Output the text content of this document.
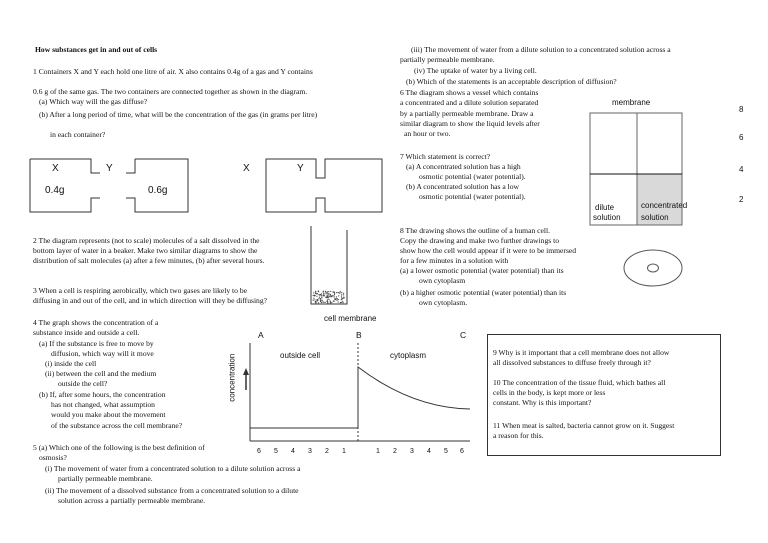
How substances get in and out of cells
1 Containers X and Y each hold one litre of air. X also contains 0.4g of a gas and Y contains
0.6 g of the same gas. The two containers are connected together as shown in the diagram.
(a) Which way will the gas diffuse?
(b) After a long period of time, what will be the concentration of the gas (in grams per litre)
in each container?
2 The diagram represents (not to scale) molecules of a salt dissolved in the
bottom layer of water in a beaker. Make two similar diagrams to show the
distribution of salt molecules (a) after a few minutes, (b) after several hours.
3 When a cell is respiring aerobically, which two gases are likely to be
diffusing in and out of the cell, and in which direction will they be diffusing?
4 The graph shows the concentration of a
substance inside and outside a cell.
(a) If the substance is free to move by
diffusion, which way will it move
(i) inside the cell
(ii) between the cell and the medium
outside the cell?
(b) If, after some hours, the concentration
has not changed, what assumption
would you make about the movement
of the substance across the cell membrane?
5 (a) Which one of the following is the best definition of
osmosis?
(i) The movement of water from a concentrated solution to a dilute solution across a
partially permeable membrane.
(ii) The movement of a dissolved substance from a concentrated solution to a dilute
solution across a partially permeable membrane.
(iii) The movement of water from a dilute solution to a concentrated solution across a
partially permeable membrane.
(iv) The uptake of water by a living cell.
(b) Which of the statements is an acceptable description of diffusion?
6 The diagram shows a vessel which contains
a concentrated and a dilute solution separated
by a partially permeable membrane. Draw a
similar diagram to show the liquid levels after
an hour or two.
7 Which statement is correct?
(a) A concentrated solution has a high
osmotic potential (water potential).
(b) A concentrated solution has a low
osmotic potential (water potential).
8 The drawing shows the outline of a human cell.
Copy the drawing and make two further drawings to
show how the cell would appear if it were to be immersed
for a few minutes in a solution with
(a) a lower osmotic potential (water potential) than its
own cytoplasm
(b) a higher osmotic potential (water potential) than its
own cytoplasm.
9 Why is it important that a cell membrane does not allow
all dissolved substances to diffuse freely through it?
10 The concentration of the tissue fluid, which bathes all
cells in the body, is kept more or less
constant. Why is this important?
11 When meat is salted, bacteria cannot grow on it. Suggest
a reason for this.
X	Y
0.4g	0.6g
X	Y
cell membrane
A	B	C
outside cell	cytoplasm
concentration
6 5 4 3 2 1	1 2 3 4 5 6
membrane
dilute
solution
concentrated
solution
8
6
4
2
